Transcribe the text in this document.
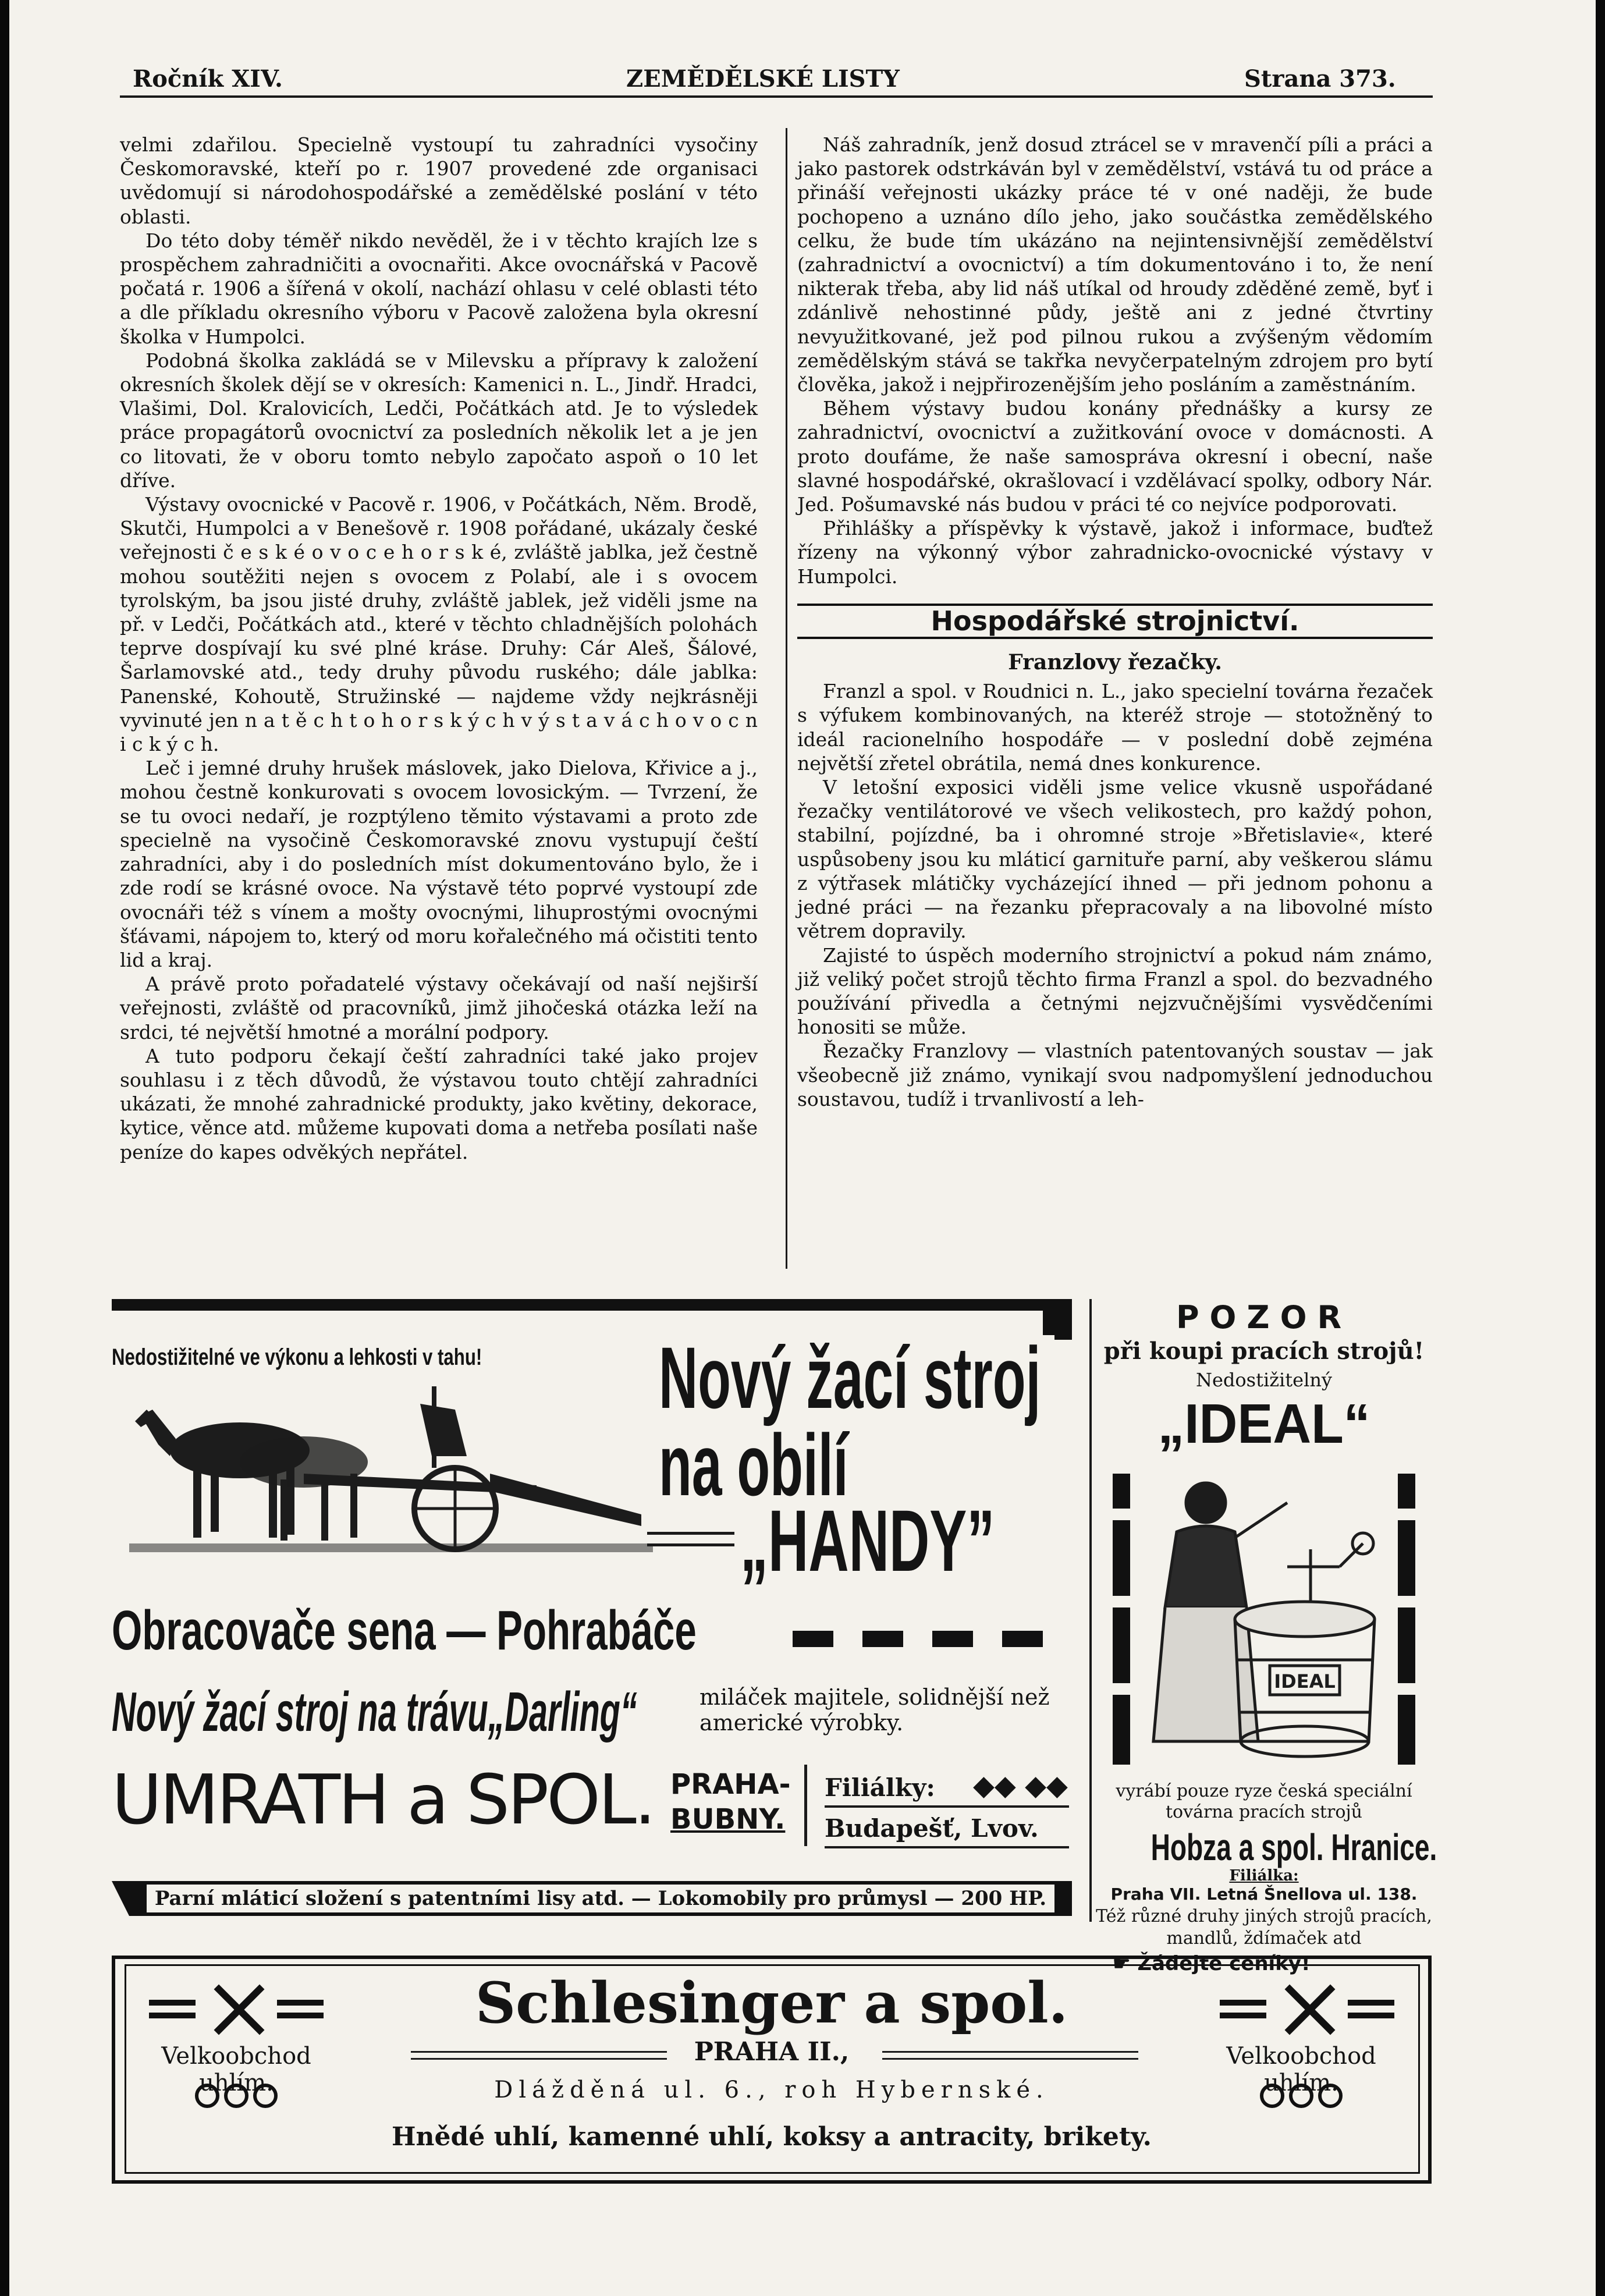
Ročník XIV.	ZEMĚDĚLSKÉ LISTY	Strana 373.

velmi zdařilou. Specielně vystoupí tu zahradníci vysočiny Českomoravské, kteří po r. 1907 provedené zde organisaci uvědomují si národohospodářské a zemědělské poslání v této oblasti.

Do této doby téměř nikdo nevěděl, že i v těchto krajích lze s prospěchem zahradničiti a ovocnařiti. Akce ovocnářská v Pacově počatá r. 1906 a šířená v okolí, nachází ohlasu v celé oblasti této a dle příkladu okresního výboru v Pacově založena byla okresní školka v Humpolci.

Podobná školka zakládá se v Milevsku a přípravy k založení okresních školek dějí se v okresích: Kamenici n. L., Jindř. Hradci, Vlašimi, Dol. Kralovicích, Ledči, Počátkách atd. Je to výsledek práce propagátorů ovocnictví za posledních několik let a je jen co litovati, že v oboru tomto nebylo započato aspoň o 10 let dříve.

Výstavy ovocnické v Pacově r. 1906, v Počátkách, Něm. Brodě, Skutči, Humpolci a v Benešově r. 1908 pořádané, ukázaly české veřejnosti č e s k é o v o c e h o r s k é, zvláště jablka, jež čestně mohou soutěžiti nejen s ovocem z Polabí, ale i s ovocem tyrolským, ba jsou jisté druhy, zvláště jablek, jež viděli jsme na př. v Ledči, Počátkách atd., které v těchto chladnějších polohách teprve dospívají ku své plné kráse. Druhy: Cár Aleš, Šálové, Šarlamovské atd., tedy druhy původu ruského; dále jablka: Panenské, Kohoutě, Stružinské — najdeme vždy nejkrásněji vyvinuté jen n a t ě c h t o h o r s k ý c h v ý s t a v á c h o v o c n i c k ý c h.

Leč i jemné druhy hrušek máslovek, jako Dielova, Křivice a j., mohou čestně konkurovati s ovocem lovosickým. — Tvrzení, že se tu ovoci nedaří, je rozptýleno těmito výstavami a proto zde specielně na vysočině Českomoravské znovu vystupují čeští zahradníci, aby i do posledních míst dokumentováno bylo, že i zde rodí se krásné ovoce. Na výstavě této poprvé vystoupí zde ovocnáři též s vínem a mošty ovocnými, lihuprostými ovocnými šťávami, nápojem to, který od moru kořalečného má očistiti tento lid a kraj.

A právě proto pořadatelé výstavy očekávají od naší nejširší veřejnosti, zvláště od pracovníků, jimž jihočeská otázka leží na srdci, té největší hmotné a morální podpory.

A tuto podporu čekají čeští zahradníci také jako projev souhlasu i z těch důvodů, že výstavou touto chtějí zahradníci ukázati, že mnohé zahradnické produkty, jako květiny, dekorace, kytice, věnce atd. můžeme kupovati doma a netřeba posílati naše peníze do kapes odvěkých nepřátel.

Náš zahradník, jenž dosud ztrácel se v mravenčí píli a práci a jako pastorek odstrkáván byl v zemědělství, vstává tu od práce a přináší veřejnosti ukázky práce té v oné naději, že bude pochopeno a uznáno dílo jeho, jako součástka zemědělského celku, že bude tím ukázáno na nejintensivnější zemědělství (zahradnictví a ovocnictví) a tím dokumentováno i to, že není nikterak třeba, aby lid náš utíkal od hroudy zděděné země, byť i zdánlivě nehostinné půdy, ještě ani z jedné čtvrtiny nevyužitkované, jež pod pilnou rukou a zvýšeným vědomím zemědělským stává se takřka nevyčerpatelným zdrojem pro bytí člověka, jakož i nejpřirozenějším jeho posláním a zaměstnáním.

Během výstavy budou konány přednášky a kursy ze zahradnictví, ovocnictví a zužitkování ovoce v domácnosti. A proto doufáme, že naše samospráva okresní i obecní, naše slavné hospodářské, okrašlovací i vzdělávací spolky, odbory Nár. Jed. Pošumavské nás budou v práci té co nejvíce podporovati.

Přihlášky a příspěvky k výstavě, jakož i informace, buďtež řízeny na výkonný výbor zahradnicko-ovocnické výstavy v Humpolci.

Hospodářské strojnictví.
Franzlovy řezačky.

Franzl a spol. v Roudnici n. L., jako specielní továrna řezaček s výfukem kombinovaných, na kteréž stroje — stotožněný to ideál racionelního hospodáře — v poslední době zejména největší zřetel obrátila, nemá dnes konkurence.

V letošní exposici viděli jsme velice vkusně uspořádané řezačky ventilátorové ve všech velikostech, pro každý pohon, stabilní, pojízdné, ba i ohromné stroje »Břetislavie«, které uspůsobeny jsou ku mláticí garnituře parní, aby veškerou slámu z výtřasek mlátičky vycházející ihned — při jednom pohonu a jedné práci — na řezanku přepracovaly a na libovolné místo větrem dopravily.

Zajisté to úspěch moderního strojnictví a pokud nám známo, již veliký počet strojů těchto firma Franzl a spol. do bezvadného používání přivedla a četnými nejzvučnějšími vysvědčeními honositi se může.

Řezačky Franzlovy — vlastních patentovaných soustav — jak všeobecně již známo, vynikají svou nadpomyšlení jednoduchou soustavou, tudíž i trvanlivostí a leh-

Nedostižitelné ve výkonu a lehkosti v tahu!	Nový žací stroj
na obilí
„HANDY”
Obracovače sena — Pohrabáče
Nový žací stroj na trávu„Darling“	miláček majitele, solidnější než americké výrobky.
UMRATH a SPOL. PRAHA-
BUBNY.
Filiálky: ◆◆ ◆◆
Budapešť, Lvov.
Parní mláticí složení s patentními lisy atd. — Lokomobily pro průmysl — 200 HP.
POZOR
při koupi pracích strojů!
Nedostižitelný
„IDEAL“
IDEAL
vyrábí pouze ryze česká speciální továrna pracích strojů
Hobza a spol. Hranice.
Filiálka:
Praha VII. Letná Šnellova ul. 138.
Též různé druhy jiných strojů pracích, mandlů, ždímaček atd
☛ Žádejte ceníky!
Velkoobchod uhlím.
Velkoobchod uhlím.
Schlesinger a spol.
PRAHA II.,
Dlážděná ul. 6., roh Hybernské.
Hnědé uhlí, kamenné uhlí, koksy a antracity, brikety.
